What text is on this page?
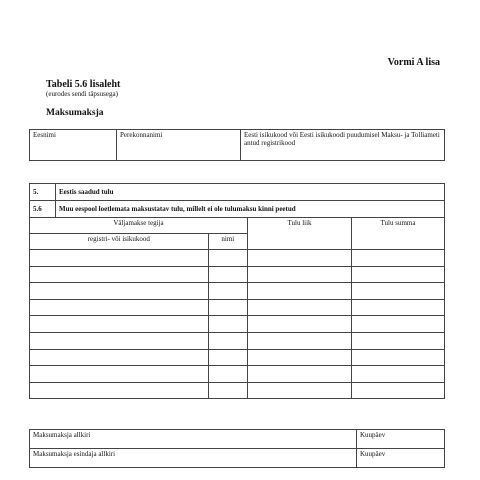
Vormi A lisa
Tabeli 5.6 lisaleht
(eurodes sendi täpsusega)
Maksumaksja
Eesnimi	Perekonnanimi	Eesti isikukood või Eesti isikukoodi puudumisel Maksu- ja Tolliameti antud registrikood
5.	Eestis saadud tulu			
5.6	Muu eespool loetlemata maksustatav tulu, millelt ei ole tulumaksu kinni peetud			
Väljamakse tegija			Tulu liik	Tulu summa
registri- või isikukood		nimi		

Maksumaksja allkiri	Kuupäev
Maksumaksja esindaja allkiri	Kuupäev
